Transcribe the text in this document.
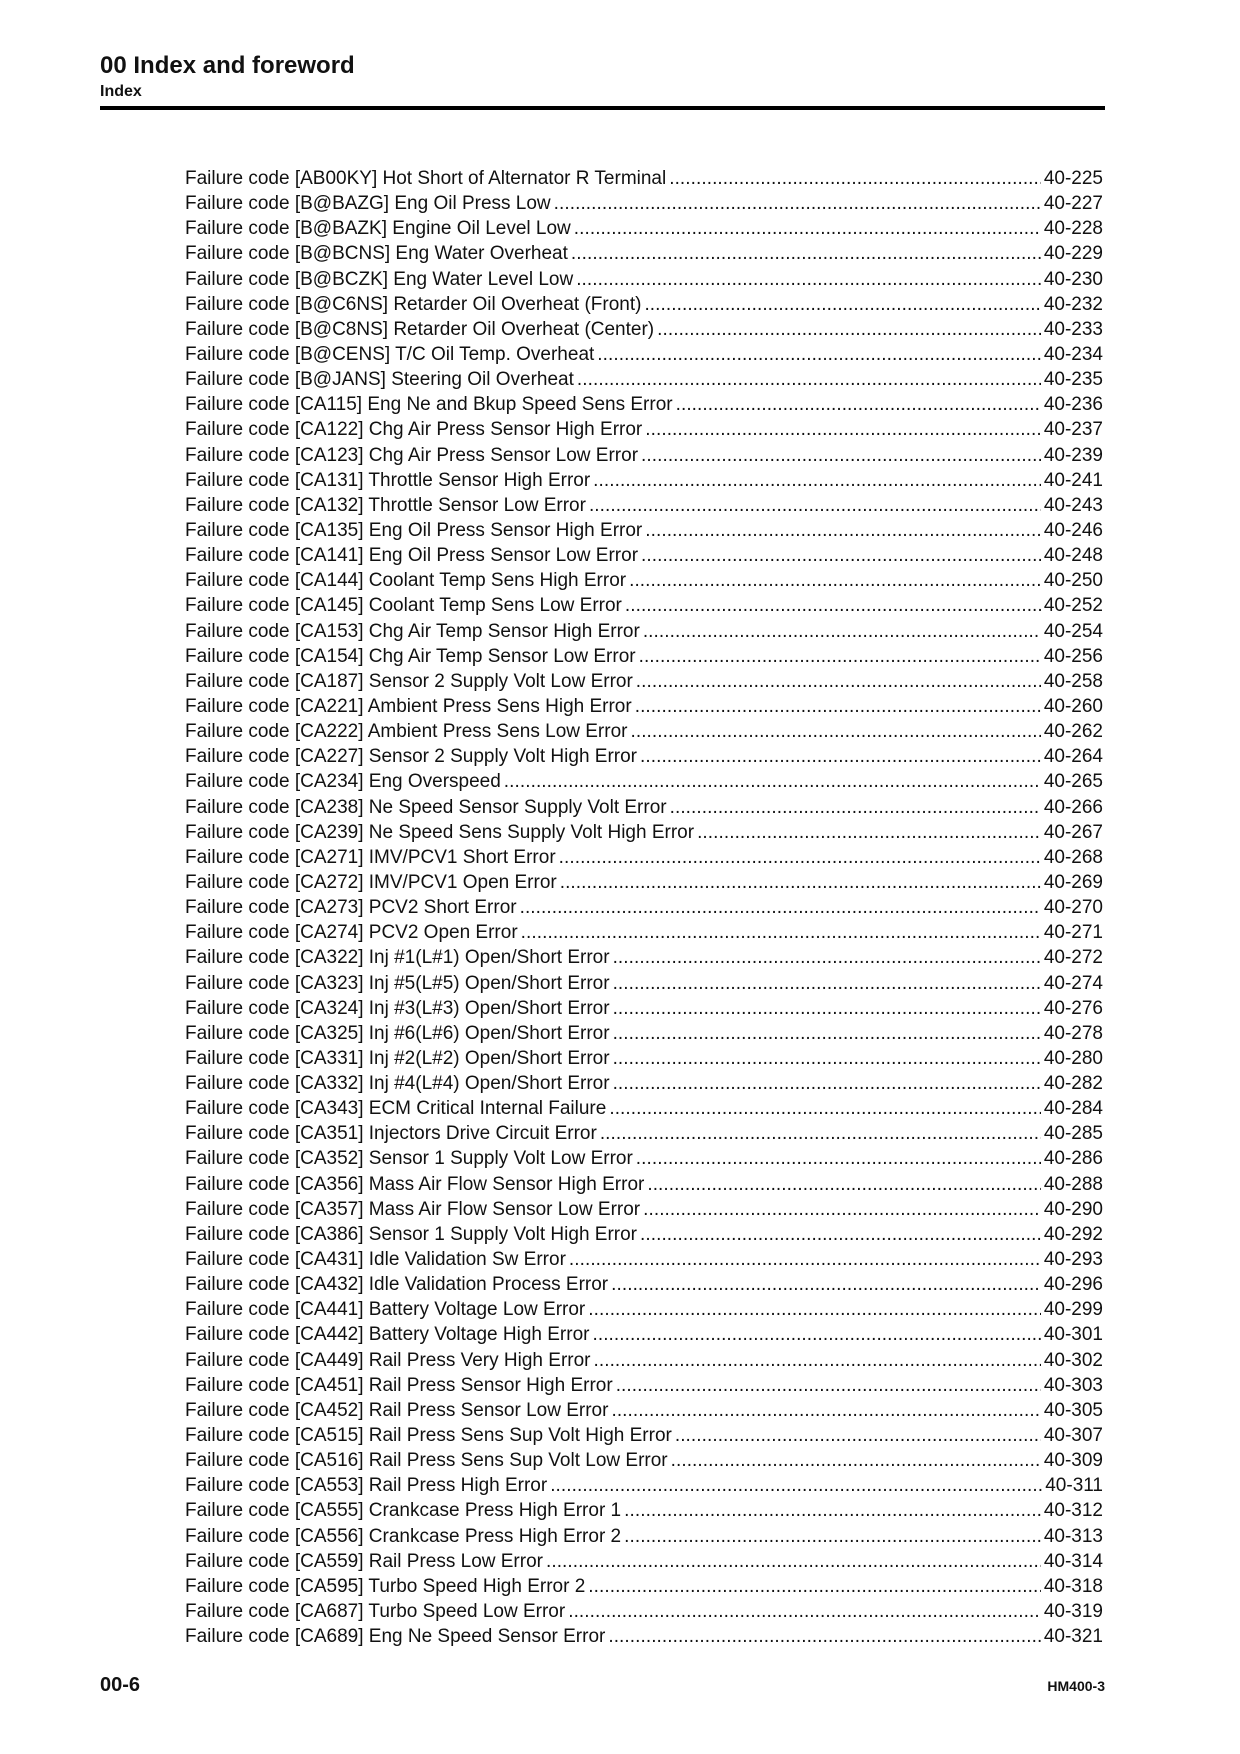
00 Index and foreword
Index
Failure code [AB00KY] Hot Short of Alternator R Terminal . . .	40-225
Failure code [B@BAZG] Eng Oil Press Low . . .	40-227
Failure code [B@BAZK] Engine Oil Level Low . . .	40-228
Failure code [B@BCNS] Eng Water Overheat . . .	40-229
Failure code [B@BCZK] Eng Water Level Low . . .	40-230
Failure code [B@C6NS] Retarder Oil Overheat (Front) . . .	40-232
Failure code [B@C8NS] Retarder Oil Overheat (Center) . . .	40-233
Failure code [B@CENS] T/C Oil Temp. Overheat . . .	40-234
Failure code [B@JANS] Steering Oil Overheat . . .	40-235
Failure code [CA115] Eng Ne and Bkup Speed Sens Error . . .	40-236
Failure code [CA122] Chg Air Press Sensor High Error . . .	40-237
Failure code [CA123] Chg Air Press Sensor Low Error . . .	40-239
Failure code [CA131] Throttle Sensor High Error . . .	40-241
Failure code [CA132] Throttle Sensor Low Error . . .	40-243
Failure code [CA135] Eng Oil Press Sensor High Error . . .	40-246
Failure code [CA141] Eng Oil Press Sensor Low Error . . .	40-248
Failure code [CA144] Coolant Temp Sens High Error . . .	40-250
Failure code [CA145] Coolant Temp Sens Low Error . . .	40-252
Failure code [CA153] Chg Air Temp Sensor High Error . . .	40-254
Failure code [CA154] Chg Air Temp Sensor Low Error . . .	40-256
Failure code [CA187] Sensor 2 Supply Volt Low Error . . .	40-258
Failure code [CA221] Ambient Press Sens High Error . . .	40-260
Failure code [CA222] Ambient Press Sens Low Error . . .	40-262
Failure code [CA227] Sensor 2 Supply Volt High Error . . .	40-264
Failure code [CA234] Eng Overspeed . . .	40-265
Failure code [CA238] Ne Speed Sensor Supply Volt Error . . .	40-266
Failure code [CA239] Ne Speed Sens Supply Volt High Error . . .	40-267
Failure code [CA271] IMV/PCV1 Short Error . . .	40-268
Failure code [CA272] IMV/PCV1 Open Error . . .	40-269
Failure code [CA273] PCV2 Short Error . . .	40-270
Failure code [CA274] PCV2 Open Error . . .	40-271
Failure code [CA322] Inj #1(L#1) Open/Short Error . . .	40-272
Failure code [CA323] Inj #5(L#5) Open/Short Error . . .	40-274
Failure code [CA324] Inj #3(L#3) Open/Short Error . . .	40-276
Failure code [CA325] Inj #6(L#6) Open/Short Error . . .	40-278
Failure code [CA331] Inj #2(L#2) Open/Short Error . . .	40-280
Failure code [CA332] Inj #4(L#4) Open/Short Error . . .	40-282
Failure code [CA343] ECM Critical Internal Failure . . .	40-284
Failure code [CA351] Injectors Drive Circuit Error . . .	40-285
Failure code [CA352] Sensor 1 Supply Volt Low Error . . .	40-286
Failure code [CA356] Mass Air Flow Sensor High Error . . .	40-288
Failure code [CA357] Mass Air Flow Sensor Low Error . . .	40-290
Failure code [CA386] Sensor 1 Supply Volt High Error . . .	40-292
Failure code [CA431] Idle Validation Sw Error . . .	40-293
Failure code [CA432] Idle Validation Process Error . . .	40-296
Failure code [CA441] Battery Voltage Low Error . . .	40-299
Failure code [CA442] Battery Voltage High Error . . .	40-301
Failure code [CA449] Rail Press Very High Error . . .	40-302
Failure code [CA451] Rail Press Sensor High Error . . .	40-303
Failure code [CA452] Rail Press Sensor Low Error . . .	40-305
Failure code [CA515] Rail Press Sens Sup Volt High Error . . .	40-307
Failure code [CA516] Rail Press Sens Sup Volt Low Error . . .	40-309
Failure code [CA553] Rail Press High Error . . .	40-311
Failure code [CA555] Crankcase Press High Error 1 . . .	40-312
Failure code [CA556] Crankcase Press High Error 2 . . .	40-313
Failure code [CA559] Rail Press Low Error . . .	40-314
Failure code [CA595] Turbo Speed High Error 2 . . .	40-318
Failure code [CA687] Turbo Speed Low Error . . .	40-319
Failure code [CA689] Eng Ne Speed Sensor Error . . .	40-321
00-6	HM400-3
